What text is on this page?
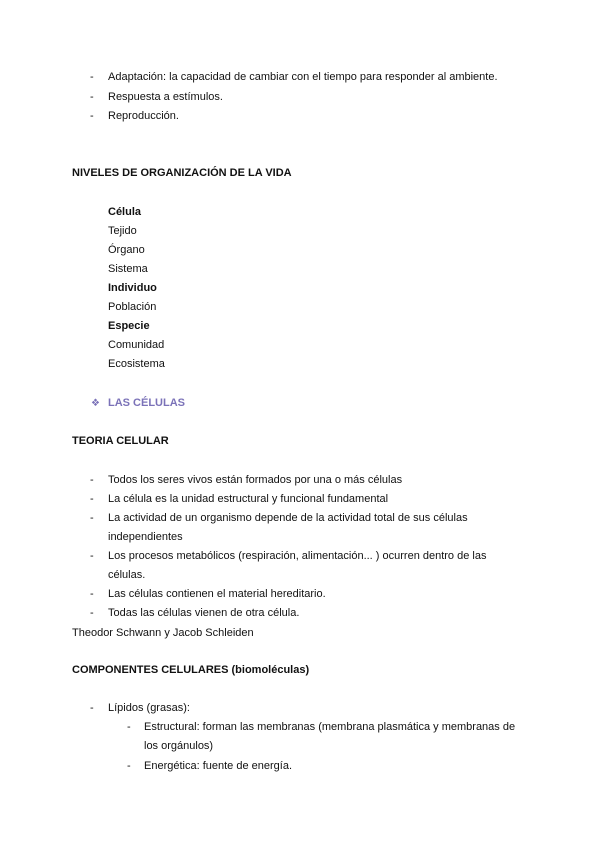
-	Adaptación: la capacidad de cambiar con el tiempo para responder al ambiente.
-	Respuesta a estímulos.
-	Reproducción.
NIVELES DE ORGANIZACIÓN DE LA VIDA
Célula
Tejido
Órgano
Sistema
Individuo
Población
Especie
Comunidad
Ecosistema
❖ LAS CÉLULAS
TEORIA CELULAR
-	Todos los seres vivos están formados por una o más células
-	La célula es la unidad estructural y funcional fundamental
-	La actividad de un organismo depende de la actividad total de sus células
independientes
-	Los procesos metabólicos (respiración, alimentación... ) ocurren dentro de las
células.
-	Las células contienen el material hereditario.
-	Todas las células vienen de otra célula.
Theodor Schwann y Jacob Schleiden
COMPONENTES CELULARES (biomoléculas)
-	Lípidos (grasas):
-	Estructural: forman las membranas (membrana plasmática y membranas de
los orgánulos)
-	Energética: fuente de energía.
